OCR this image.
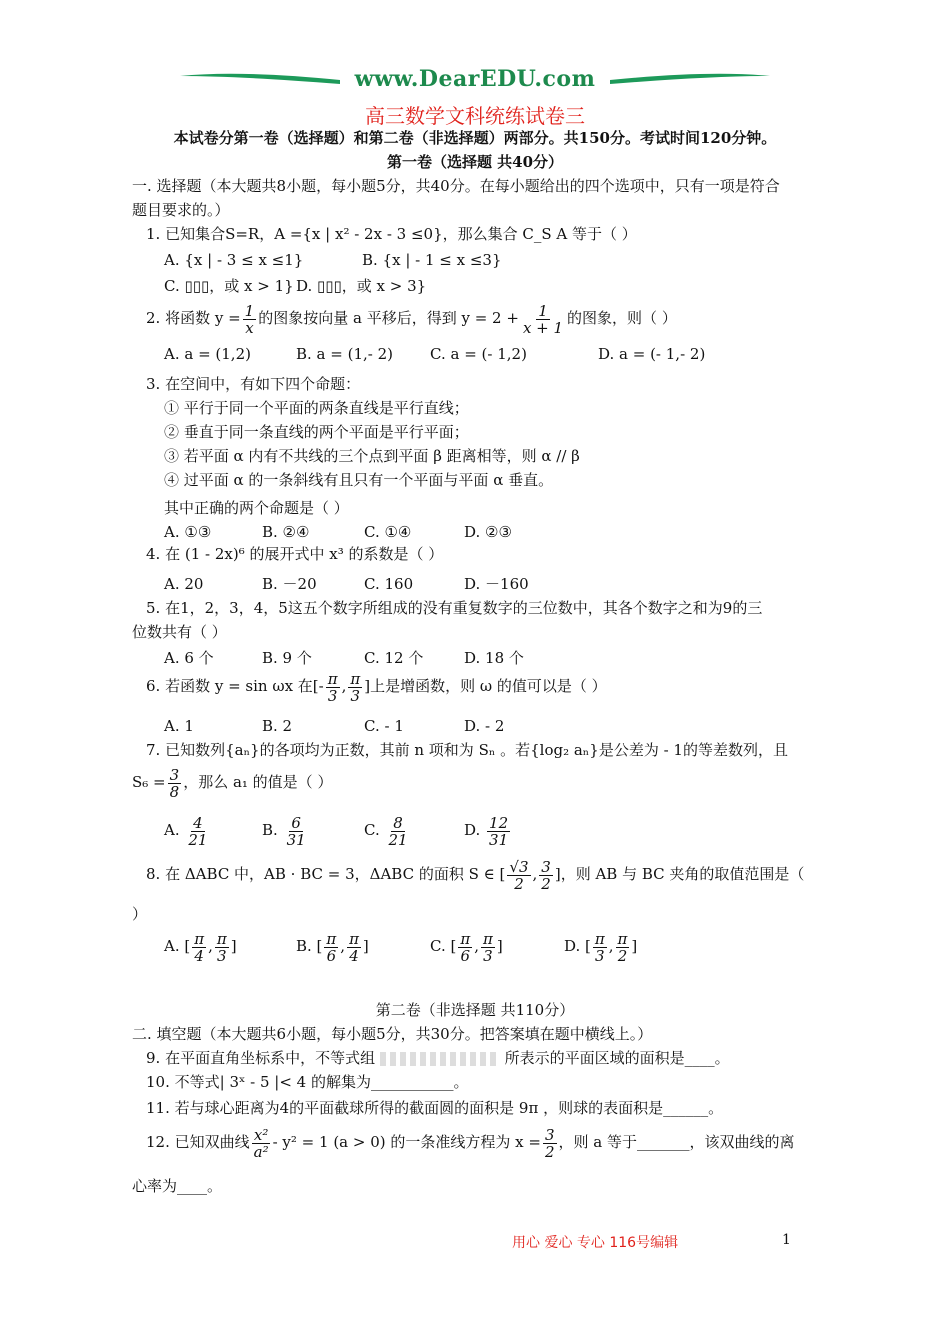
www.DearEDU.com
高三数学文科统练试卷三
本试卷分第一卷（选择题）和第二卷（非选择题）两部分。共150分。考试时间120分钟。
第一卷（选择题 共40分）
一. 选择题（本大题共8小题，每小题5分，共40分。在每小题给出的四个选项中，只有一项是符合
题目要求的。）
1. 已知集合S=R，A ={x | x² - 2x - 3 ≤0}，那么集合 C_S A 等于（ ）
A. {x | - 3 ≤ x ≤1}	B. {x | - 1 ≤ x ≤3}
C. ▯▯▯，或 x > 1} D. ▯▯▯，或 x > 3}
2. 将函数 $y = \frac{1}{x}$ 的图象按向量 a 平移后，得到 $y = 2 + \frac{1}{x + 1}$ 的图象，则（ ）
A. a = (1,2)	B. a = (1,- 2) C. a = (- 1,2)	D. a = (- 1,- 2)
3. 在空间中，有如下四个命题：
① 平行于同一个平面的两条直线是平行直线；
② 垂直于同一条直线的两个平面是平行平面；
③ 若平面 α 内有不共线的三个点到平面 β 距离相等，则 α // β
④ 过平面 α 的一条斜线有且只有一个平面与平面 α 垂直。
其中正确的两个命题是（ ）
A. ①③	B. ②④	C. ①④	D. ②③
4. 在 (1 - 2x)⁶ 的展开式中 x³ 的系数是（ ）
A. 20	B. －20	C. 160	D. －160
5. 在1，2，3，4，5这五个数字所组成的没有重复数字的三位数中，其各个数字之和为9的三
位数共有（ ）
A. 6 个	B. 9 个	C. 12 个	D. 18 个
6. 若函数 y = sin ωx 在[- $\frac{\pi}{3}$ , $\frac{\pi}{3}$ ]上是增函数，则 ω 的值可以是（ ）
A. 1	B. 2	C. - 1	D. - 2
7. 已知数列{aₙ}的各项均为正数，其前 n 项和为 Sₙ 。若{log₂ aₙ}是公差为 - 1的等差数列，且
$S_6 = \frac{3}{8}$ ，那么 a₁ 的值是（ ）
A. $\frac{4}{21}$	B. $\frac{6}{31}$	C. $\frac{8}{21}$	D. $\frac{12}{31}$
8. 在 ΔABC 中，AB · BC = 3，ΔABC 的面积 S ∈ [ $\frac{√3}{2}$ , $\frac{3}{2}$ ]，则 AB 与 BC 夹角的取值范围是（
）
A. [ $\frac{\pi}{4}$ , $\frac{\pi}{3}$ ]	B. [ $\frac{\pi}{6}$ , $\frac{\pi}{4}$ ]	C. [ $\frac{\pi}{6}$ , $\frac{\pi}{3}$ ]	D. [ $\frac{\pi}{3}$ , $\frac{\pi}{2}$ ]
第二卷（非选择题 共110分）
二. 填空题（本大题共6小题，每小题5分，共30分。把答案填在题中横线上。）
9. 在平面直角坐标系中，不等式组	所表示的平面区域的面积是____。
10. 不等式| 3ˣ - 5 |< 4 的解集为___________。
11. 若与球心距离为4的平面截球所得的截面圆的面积是 9π ，则球的表面积是______。
12. 已知双曲线 $\frac{\text{x²}}{\text{a²}} - y^2 = 1$ (a > 0) 的一条准线方程为 $x = \frac{3}{2}$ ，则 a 等于_______，该双曲线的离
心率为____。
用心 爱心 专心 116号编辑	1
